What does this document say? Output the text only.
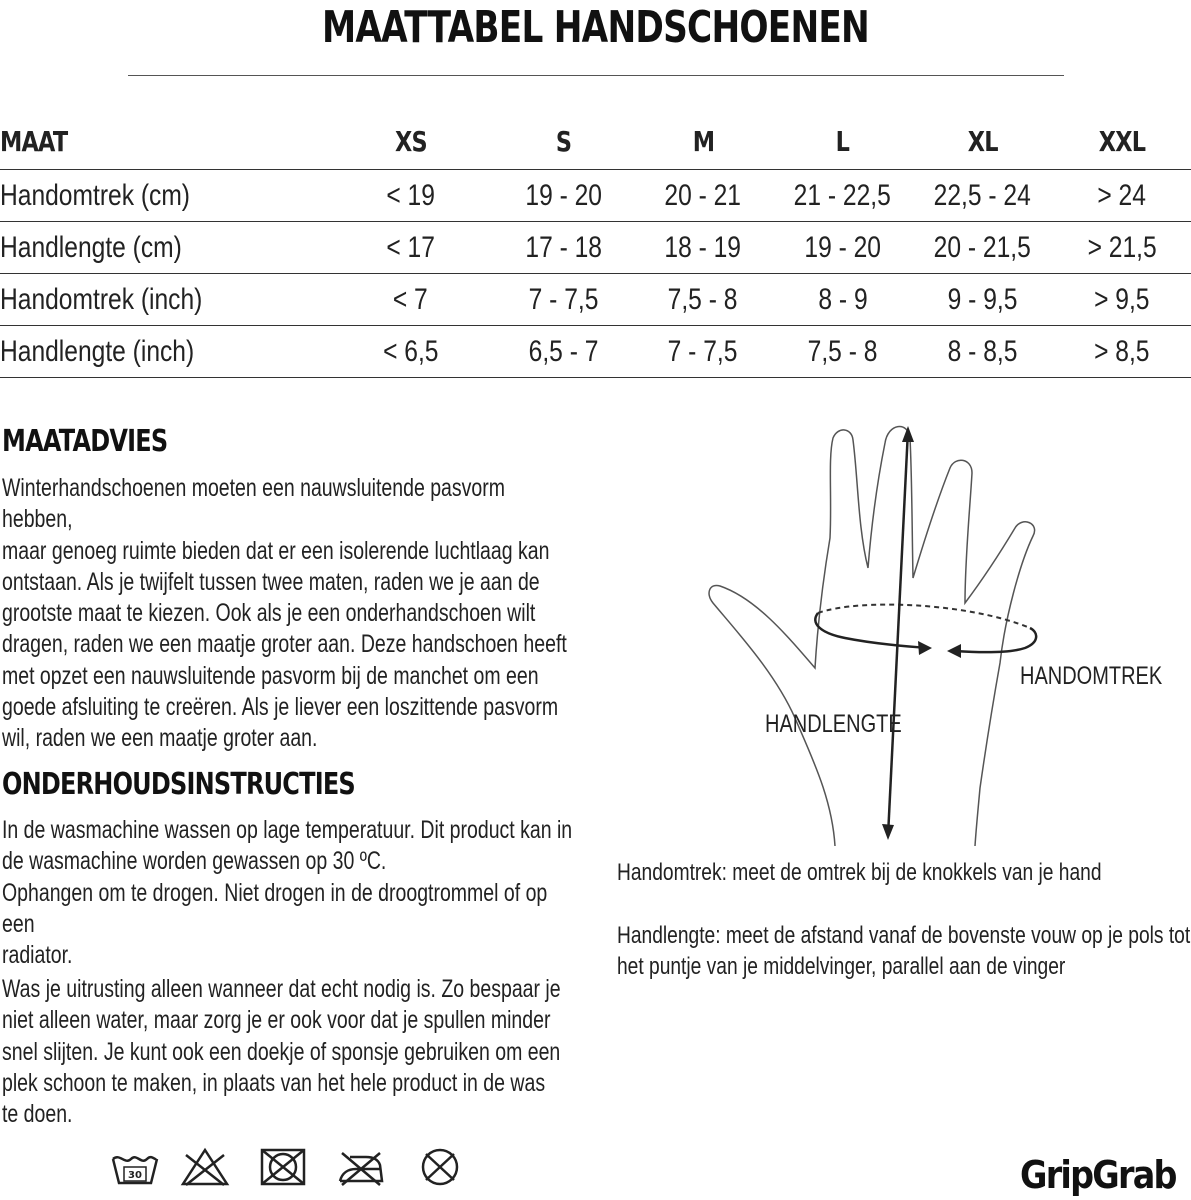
MAATTABEL HANDSCHOENEN
MAAT	XS	S	M	L	XL	XXL
Handomtrek (cm)	< 19	19 - 20	20 - 21	21 - 22,5	22,5 - 24	> 24
Handlengte (cm)	< 17	17 - 18	18 - 19	19 - 20	20 - 21,5	> 21,5
Handomtrek (inch)	< 7	7 - 7,5	7,5 - 8	8 - 9	9 - 9,5	> 9,5
Handlengte (inch)	< 6,5	6,5 - 7	7 - 7,5	7,5 - 8	8 - 8,5	> 8,5
MAATADVIES

Winterhandschoenen moeten een nauwsluitende pasvorm hebben,
maar genoeg ruimte bieden dat er een isolerende luchtlaag kan
ontstaan. Als je twijfelt tussen twee maten, raden we je aan de
grootste maat te kiezen. Ook als je een onderhandschoen wilt
dragen, raden we een maatje groter aan. Deze handschoen heeft
met opzet een nauwsluitende pasvorm bij de manchet om een
goede afsluiting te creëren. Als je liever een loszittende pasvorm
wil, raden we een maatje groter aan.

ONDERHOUDSINSTRUCTIES

In de wasmachine wassen op lage temperatuur. Dit product kan in
de wasmachine worden gewassen op 30 ºC.
Ophangen om te drogen. Niet drogen in de droogtrommel of op een
radiator.

Was je uitrusting alleen wanneer dat echt nodig is. Zo bespaar je
niet alleen water, maar zorg je er ook voor dat je spullen minder
snel slijten. Je kunt ook een doekje of sponsje gebruiken om een
plek schoon te maken, in plaats van het hele product in de was
te doen.

HANDOMTREK
HANDLENGTE

Handomtrek: meet de omtrek bij de knokkels van je hand

Handlengte: meet de afstand vanaf de bovenste vouw op je pols tot het puntje van je middelvinger, parallel aan de vinger

30	GripGrab
